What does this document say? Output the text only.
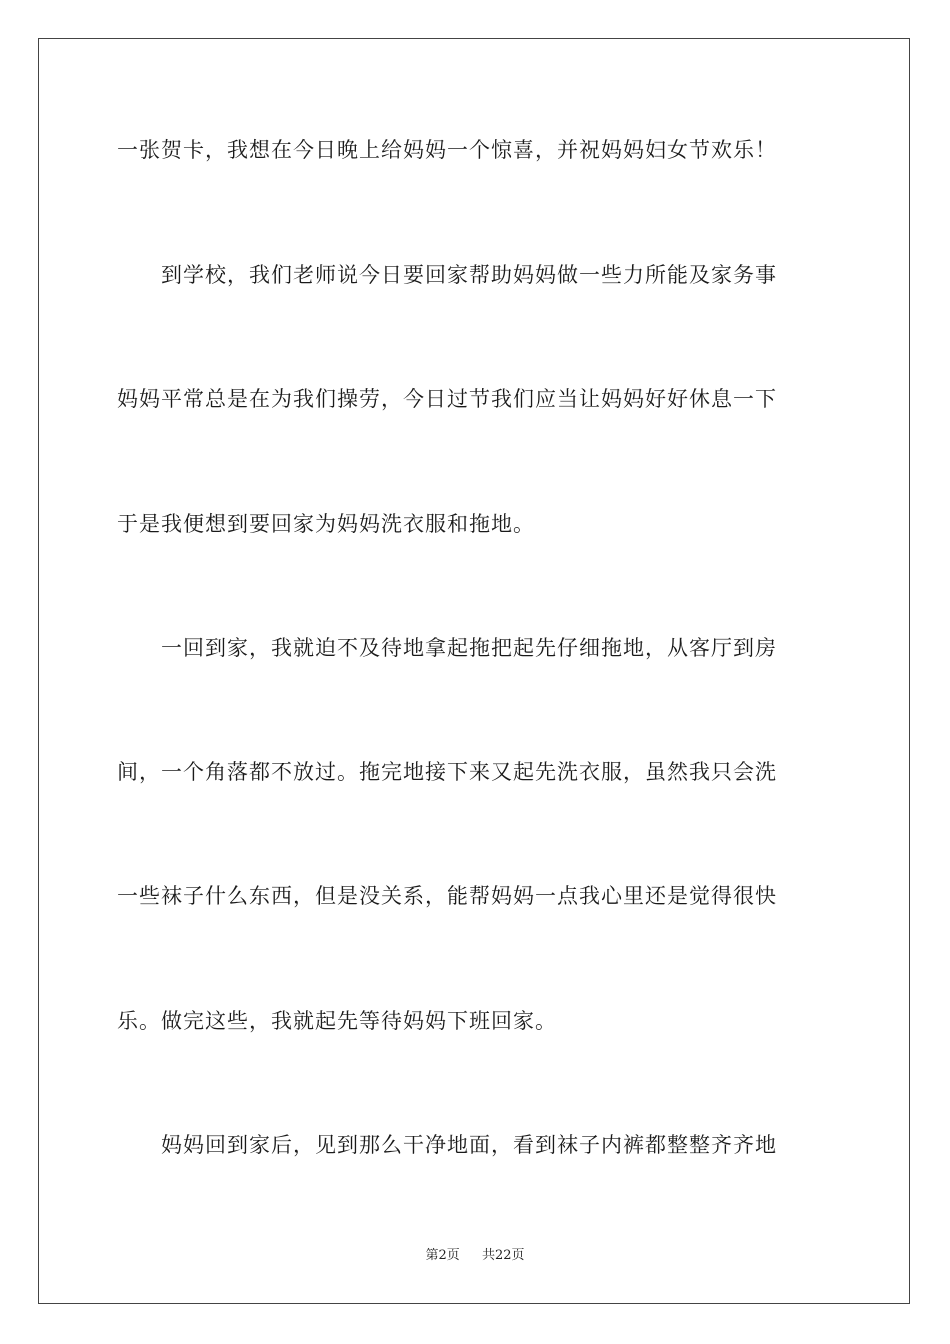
一张贺卡，我想在今日晚上给妈妈一个惊喜，并祝妈妈妇女节欢乐！
　　到学校，我们老师说今日要回家帮助妈妈做一些力所能及家务事
妈妈平常总是在为我们操劳，今日过节我们应当让妈妈好好休息一下
于是我便想到要回家为妈妈洗衣服和拖地。
　　一回到家，我就迫不及待地拿起拖把起先仔细拖地，从客厅到房
间，一个角落都不放过。拖完地接下来又起先洗衣服，虽然我只会洗
一些袜子什么东西，但是没关系，能帮妈妈一点我心里还是觉得很快
乐。做完这些，我就起先等待妈妈下班回家。
　　妈妈回到家后，见到那么干净地面，看到袜子内裤都整整齐齐地
第2页 共22页
